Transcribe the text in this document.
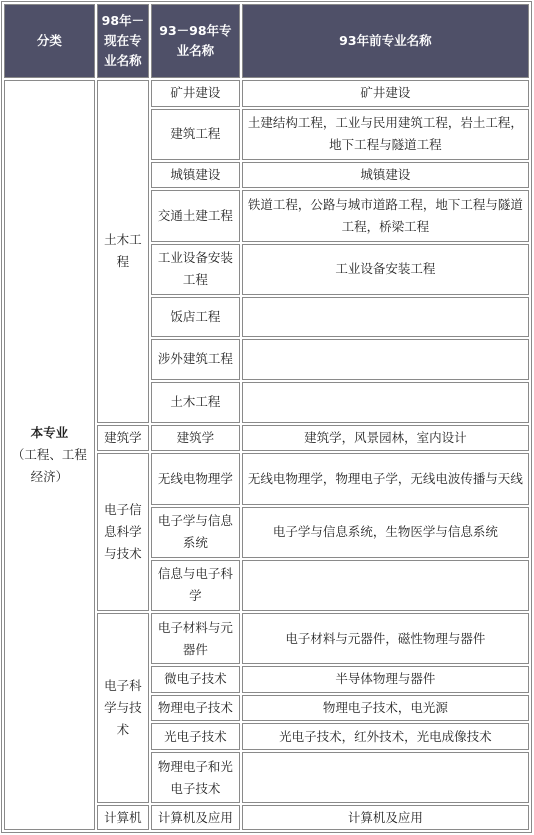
分类	98年－现在专业名称	93－98年专业名称	93年前专业名称

本专业
（工程、工程经济）	土木工程	矿井建设	矿井建设
		建筑工程	土建结构工程，工业与民用建筑工程，岩土工程，地下工程与隧道工程
		城镇建设	城镇建设
		交通土建工程	铁道工程，公路与城市道路工程，地下工程与隧道工程，桥梁工程
		工业设备安装工程	工业设备安装工程
		饭店工程	
		涉外建筑工程	
		土木工程	
	建筑学	建筑学	建筑学，风景园林，室内设计
	电子信息科学与技术	无线电物理学	无线电物理学，物理电子学，无线电波传播与天线
		电子学与信息系统	电子学与信息系统，生物医学与信息系统
		信息与电子科学	
	电子科学与技术	电子材料与元器件	电子材料与元器件，磁性物理与器件
		微电子技术	半导体物理与器件
		物理电子技术	物理电子技术，电光源
		光电子技术	光电子技术，红外技术，光电成像技术
		物理电子和光电子技术	
	计算机	计算机及应用	计算机及应用
